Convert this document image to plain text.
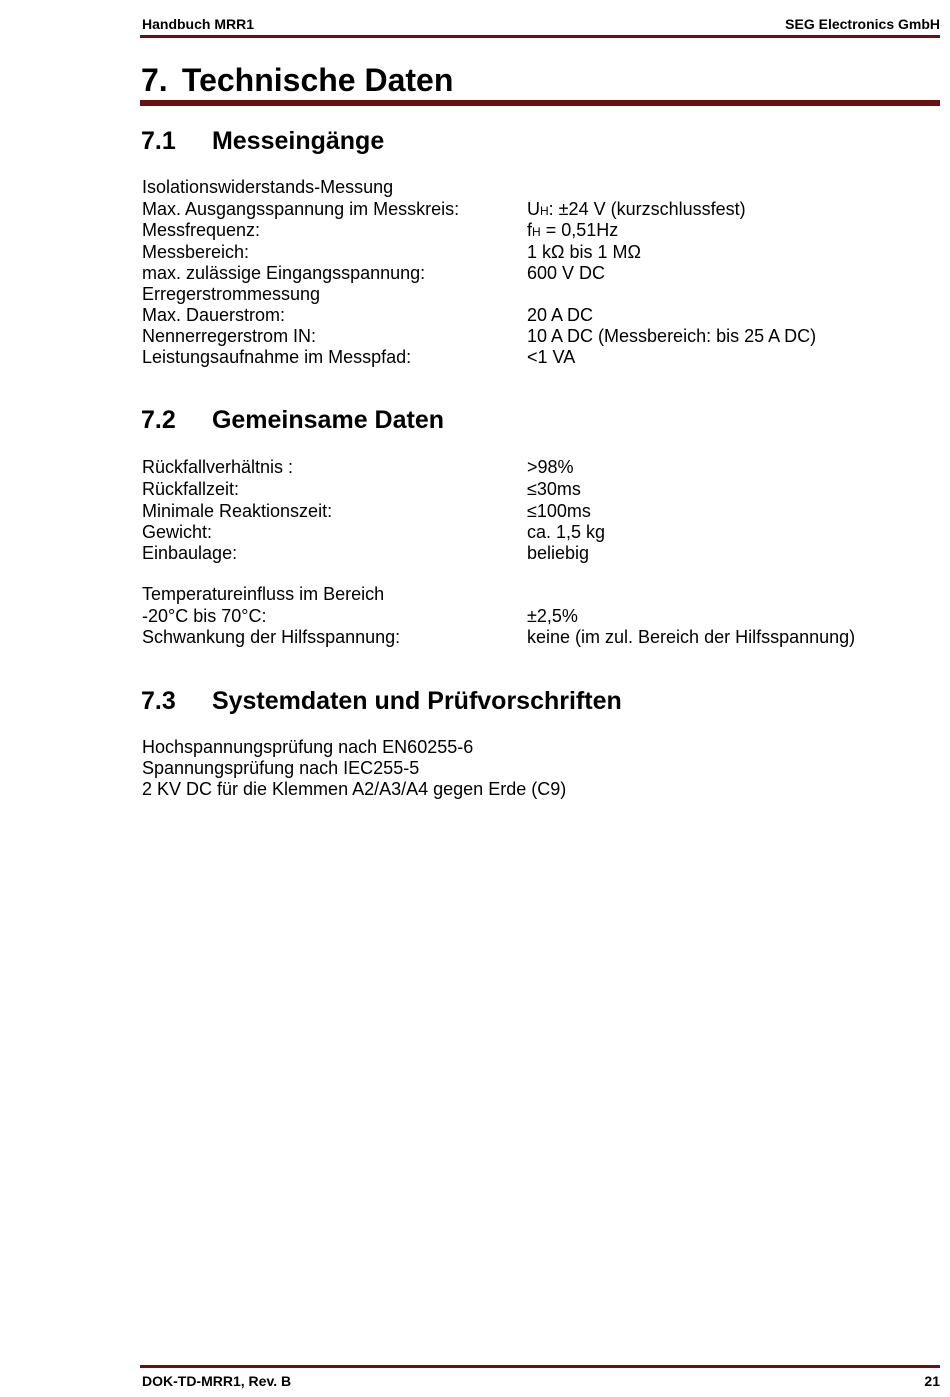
Handbuch MRR1	SEG Electronics GmbH
7. Technische Daten
7.1 Messeingänge
Isolationswiderstands-Messung
Max. Ausgangsspannung im Messkreis:	UH: ±24 V (kurzschlussfest)
Messfrequenz:	fH = 0,51Hz
Messbereich:	1 kΩ bis 1 MΩ
max. zulässige Eingangsspannung:	600 V DC
Erregerstrommessung
Max. Dauerstrom:	20 A DC
Nennerregerstrom IN:	10 A DC (Messbereich: bis 25 A DC)
Leistungsaufnahme im Messpfad:	<1 VA
7.2 Gemeinsame Daten
Rückfallverhältnis :	>98%
Rückfallzeit:	≤30ms
Minimale Reaktionszeit:	≤100ms
Gewicht:	ca. 1,5 kg
Einbaulage:	beliebig
Temperatureinfluss im Bereich
-20°C bis 70°C:	±2,5%
Schwankung der Hilfsspannung:	keine (im zul. Bereich der Hilfsspannung)
7.3 Systemdaten und Prüfvorschriften
Hochspannungsprüfung nach EN60255-6
Spannungsprüfung nach IEC255-5
2 KV DC für die Klemmen A2/A3/A4 gegen Erde (C9)
DOK-TD-MRR1, Rev. B	21
